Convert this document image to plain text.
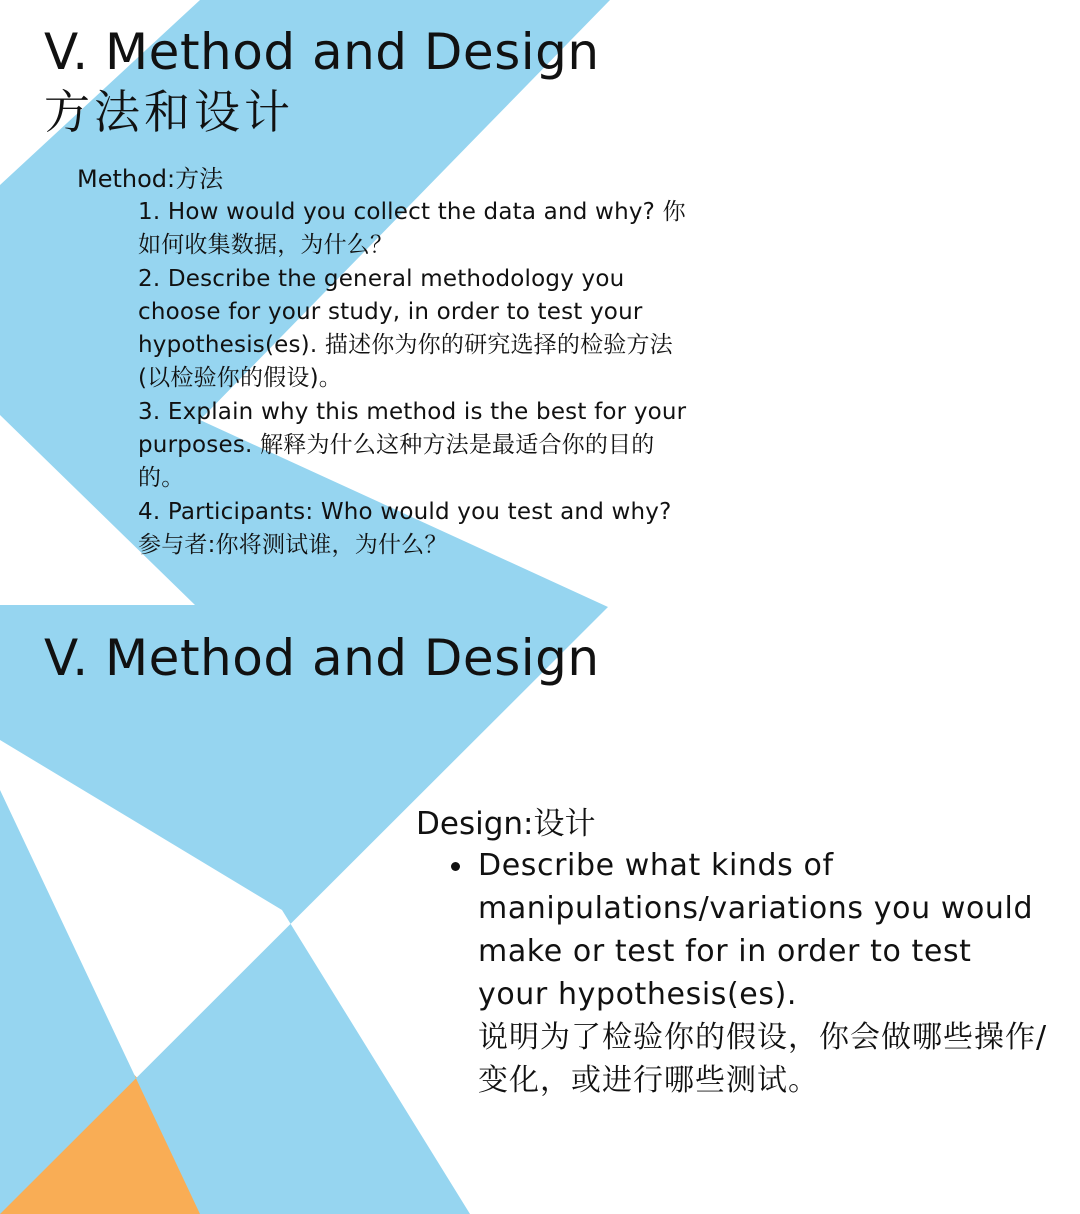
V. Method and Design
方法和设计
Method:方法
1. How would you collect the data and why? 你如何收集数据，为什么？
2. Describe the general methodology you choose for your study, in order to test your hypothesis(es). 描述你为你的研究选择的检验方法(以检验你的假设)。
3. Explain why this method is the best for your purposes. 解释为什么这种方法是最适合你的目的的。
4. Participants: Who would you test and why? 参与者:你将测试谁，为什么？
V. Method and Design
Design:设计
Describe what kinds of manipulations/variations you would make or test for in order to test your hypothesis(es).
说明为了检验你的假设，你会做哪些操作/变化，或进行哪些测试。
